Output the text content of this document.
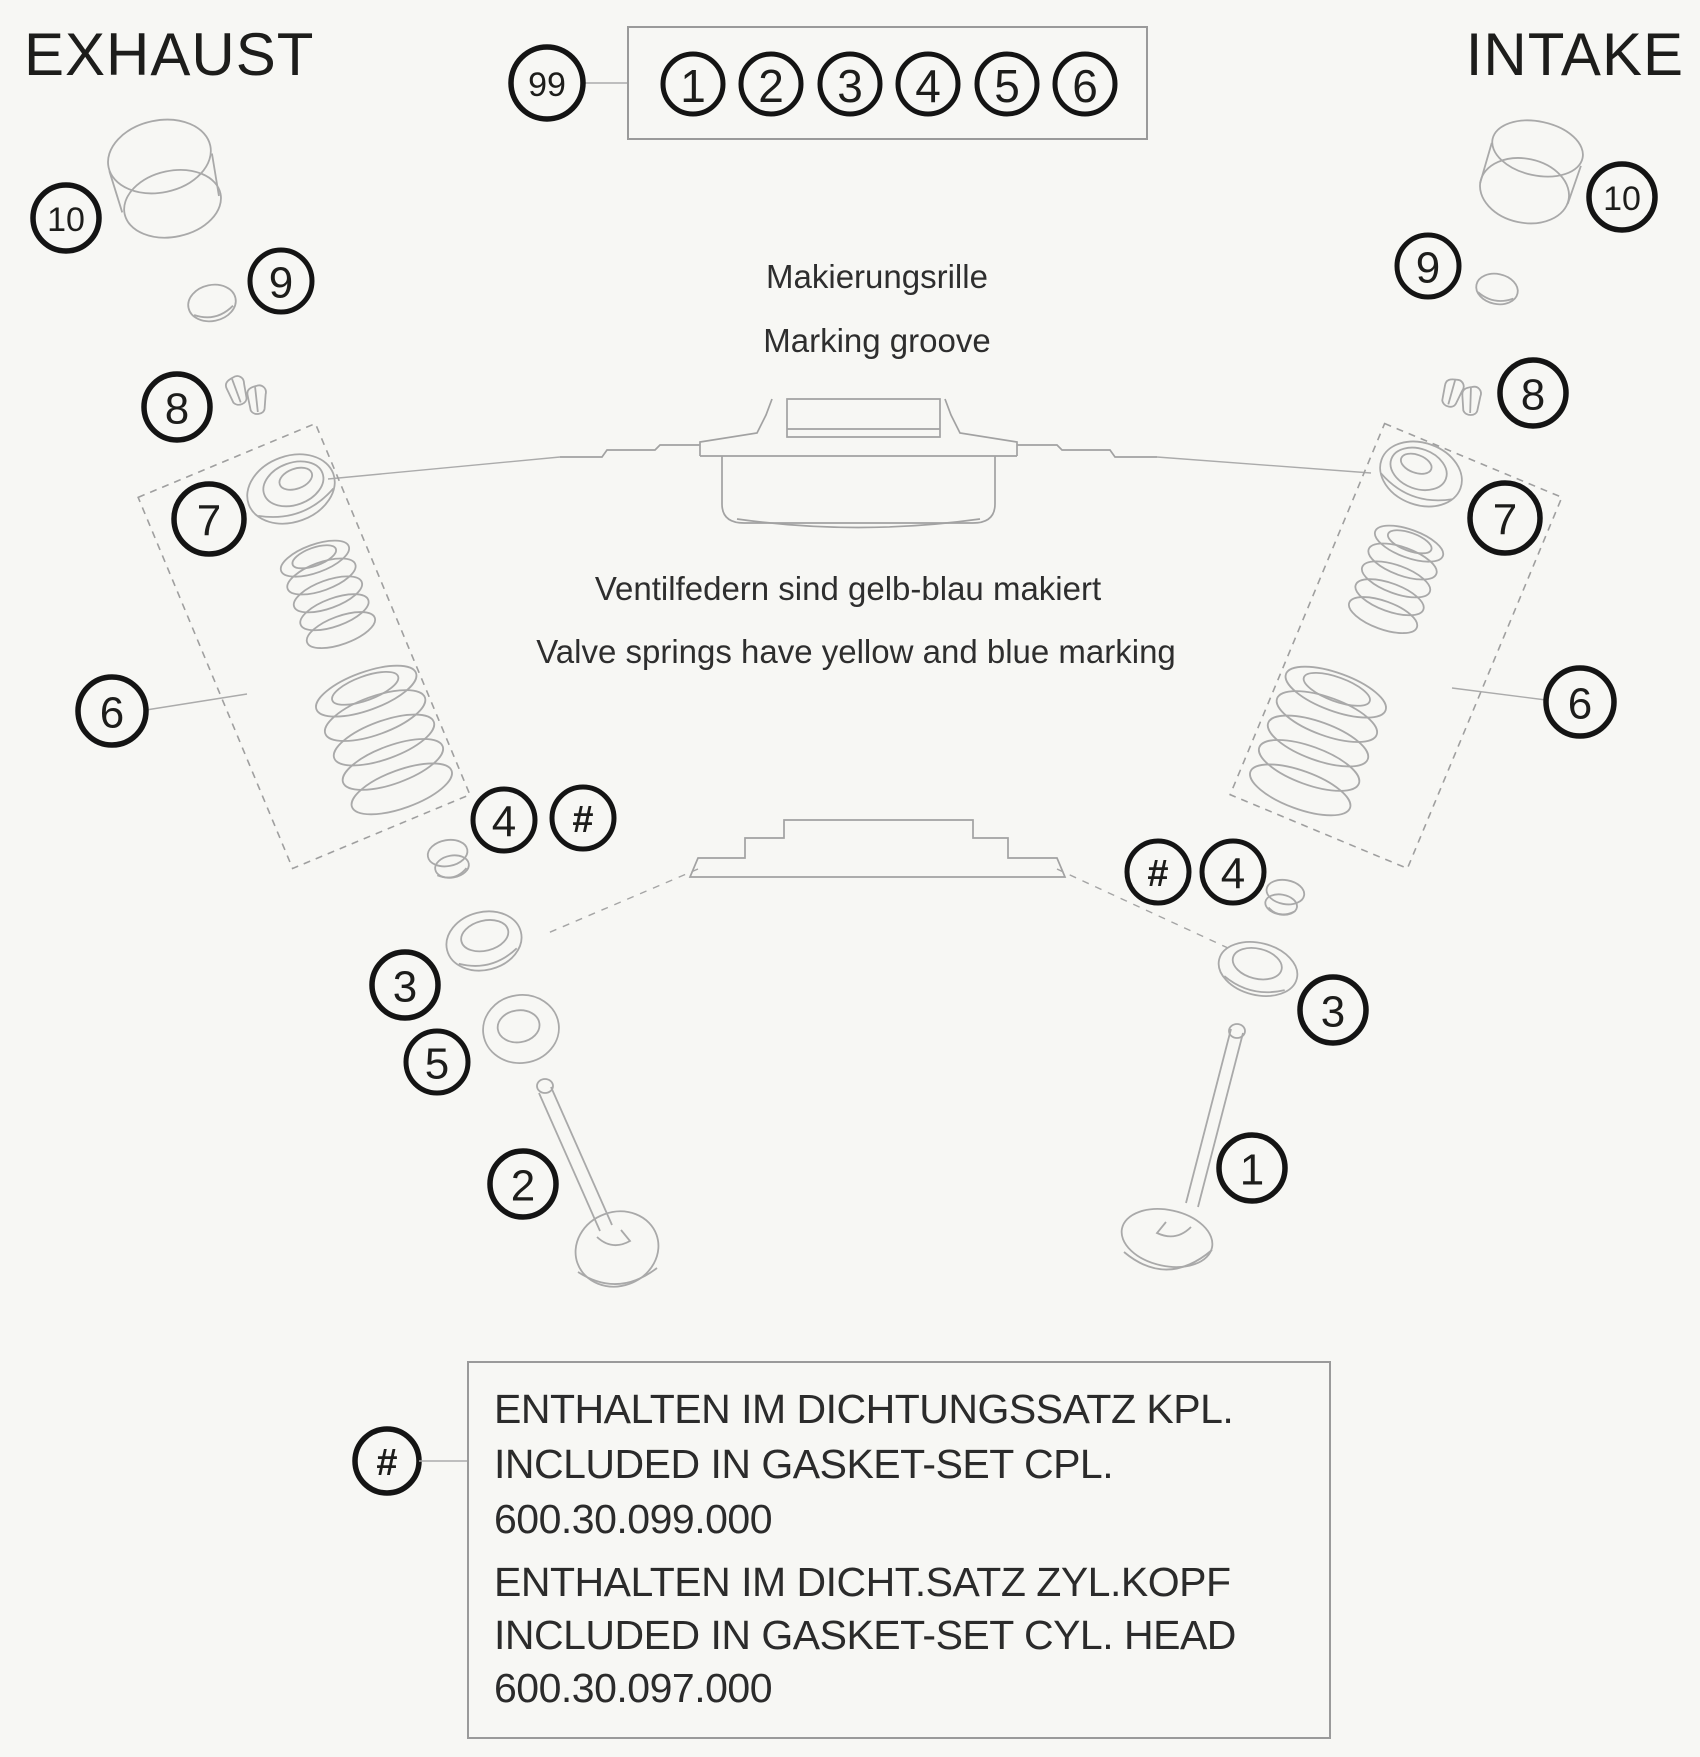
EXHAUST	INTAKE
99 1 2 3 4 5 6
Makierungsrille
Marking groove
Ventilfedern sind gelb-blau makiert
Valve springs have yellow and blue marking
10
9
8
7
6
4 #
3
5
2
10
9
8
7
6
# 4
3
1
#
ENTHALTEN IM DICHTUNGSSATZ KPL.
INCLUDED IN GASKET-SET CPL.
600.30.099.000
ENTHALTEN IM DICHT.SATZ ZYL.KOPF
INCLUDED IN GASKET-SET CYL. HEAD
600.30.097.000
